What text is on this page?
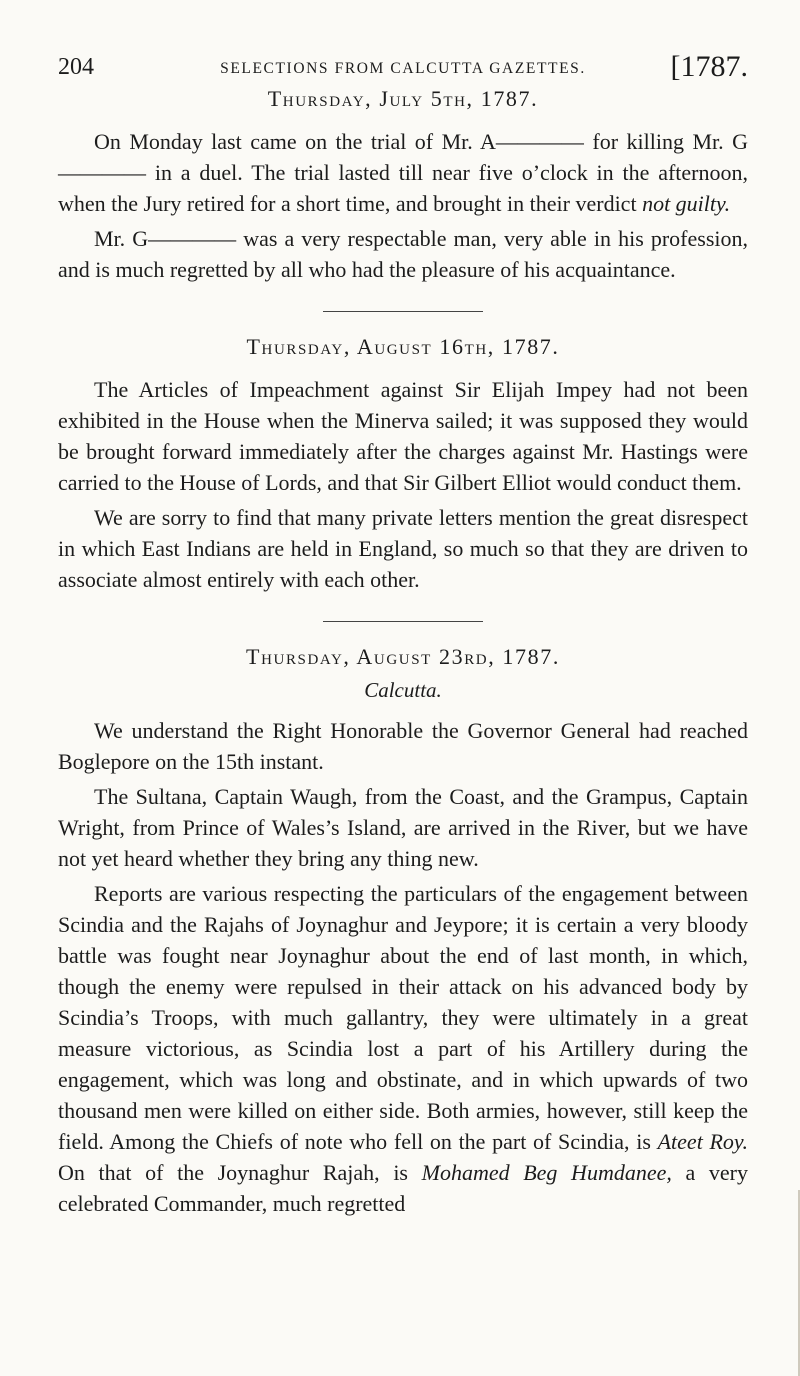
204	SELECTIONS FROM CALCUTTA GAZETTES.	[1787.

Thursday, July 5th, 1787.

On Monday last came on the trial of Mr. A———— for killing Mr. G———— in a duel. The trial lasted till near five o’clock in the afternoon, when the Jury retired for a short time, and brought in their verdict not guilty.

Mr. G———— was a very respectable man, very able in his profession, and is much regretted by all who had the pleasure of his acquaintance.

Thursday, August 16th, 1787.

The Articles of Impeachment against Sir Elijah Impey had not been exhibited in the House when the Minerva sailed; it was supposed they would be brought forward immediately after the charges against Mr. Hastings were carried to the House of Lords, and that Sir Gilbert Elliot would conduct them.

We are sorry to find that many private letters mention the great disrespect in which East Indians are held in England, so much so that they are driven to associate almost entirely with each other.

Thursday, August 23rd, 1787.

Calcutta.

We understand the Right Honorable the Governor General had reached Boglepore on the 15th instant.

The Sultana, Captain Waugh, from the Coast, and the Grampus, Captain Wright, from Prince of Wales’s Island, are arrived in the River, but we have not yet heard whether they bring any thing new.

Reports are various respecting the particulars of the engagement between Scindia and the Rajahs of Joynaghur and Jeypore; it is certain a very bloody battle was fought near Joynaghur about the end of last month, in which, though the enemy were repulsed in their attack on his advanced body by Scindia’s Troops, with much gallantry, they were ultimately in a great measure victorious, as Scindia lost a part of his Artillery during the engagement, which was long and obstinate, and in which upwards of two thousand men were killed on either side. Both armies, however, still keep the field. Among the Chiefs of note who fell on the part of Scindia, is Ateet Roy. On that of the Joynaghur Rajah, is Mohamed Beg Humdanee, a very celebrated Commander, much regretted
